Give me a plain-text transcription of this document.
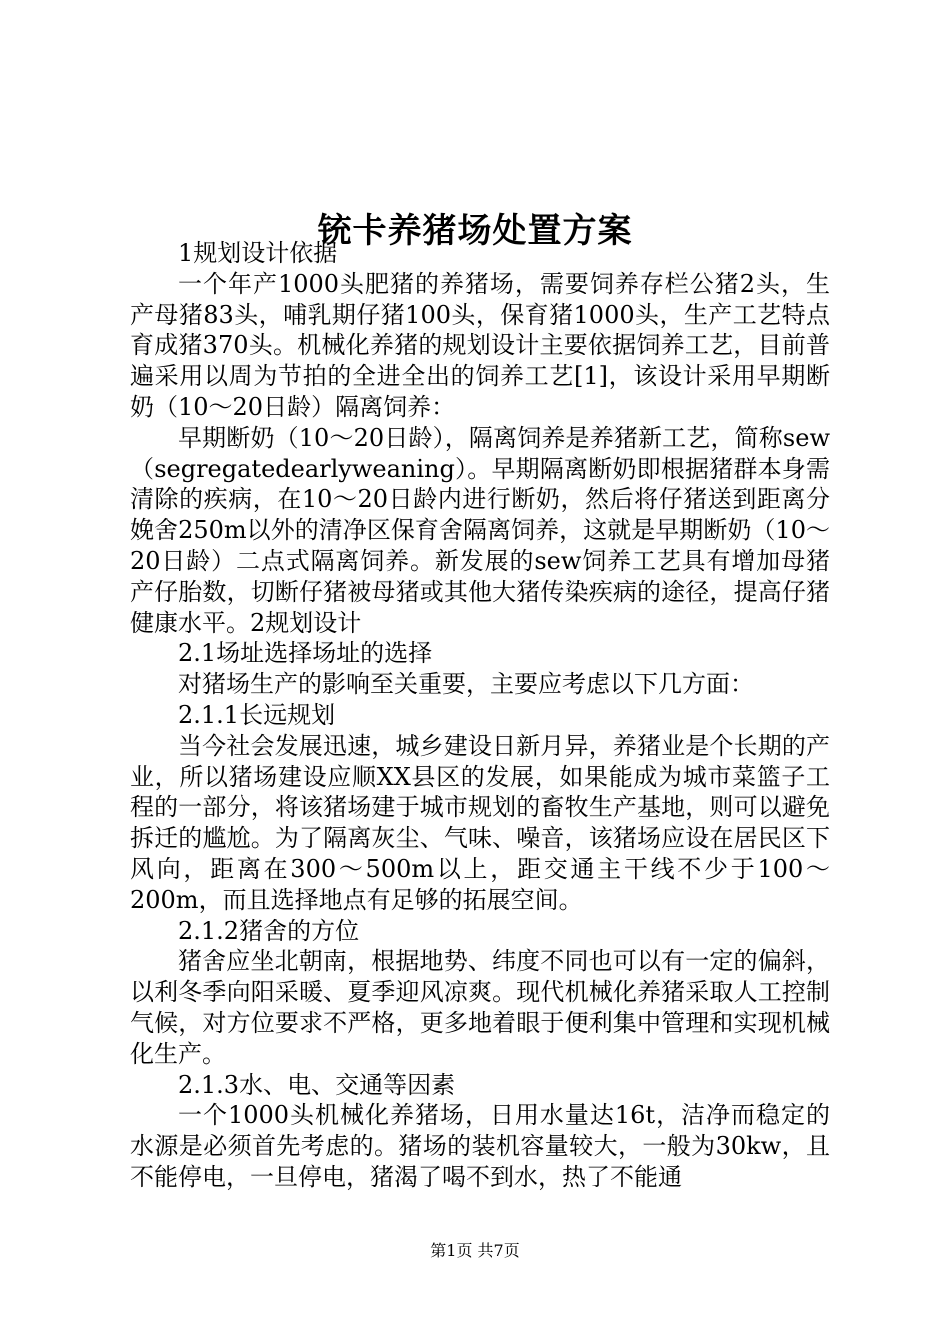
铳卡养猪场处置方案

1规划设计依据

一个年产1000头肥猪的养猪场，需要饲养存栏公猪2头，生产母猪83头，哺乳期仔猪100头，保育猪1000头，生产工艺特点育成猪370头。机械化养猪的规划设计主要依据饲养工艺，目前普遍采用以周为节拍的全进全出的饲养工艺[1]，该设计采用早期断奶（10～20日龄）隔离饲养：

早期断奶（10～20日龄），隔离饲养是养猪新工艺，简称sew（segregatedearlyweaning）。早期隔离断奶即根据猪群本身需清除的疾病，在10～20日龄内进行断奶，然后将仔猪送到距离分娩舍250m以外的清净区保育舍隔离饲养，这就是早期断奶（10～20日龄）二点式隔离饲养。新发展的sew饲养工艺具有增加母猪产仔胎数，切断仔猪被母猪或其他大猪传染疾病的途径，提高仔猪健康水平。2规划设计

2.1场址选择场址的选择

对猪场生产的影响至关重要，主要应考虑以下几方面：

2.1.1长远规划

当今社会发展迅速，城乡建设日新月异，养猪业是个长期的产业，所以猪场建设应顺XX县区的发展，如果能成为城市菜篮子工程的一部分，将该猪场建于城市规划的畜牧生产基地，则可以避免拆迁的尴尬。为了隔离灰尘、气味、噪音，该猪场应设在居民区下风向，距离在300～500m以上，距交通主干线不少于100～200m，而且选择地点有足够的拓展空间。

2.1.2猪舍的方位

猪舍应坐北朝南，根据地势、纬度不同也可以有一定的偏斜，以利冬季向阳采暖、夏季迎风凉爽。现代机械化养猪采取人工控制气候，对方位要求不严格，更多地着眼于便利集中管理和实现机械化生产。

2.1.3水、电、交通等因素

一个1000头机械化养猪场，日用水量达16t，洁净而稳定的水源是必须首先考虑的。猪场的装机容量较大，一般为30kw，且不能停电，一旦停电，猪渴了喝不到水，热了不能通

第1页 共7页
